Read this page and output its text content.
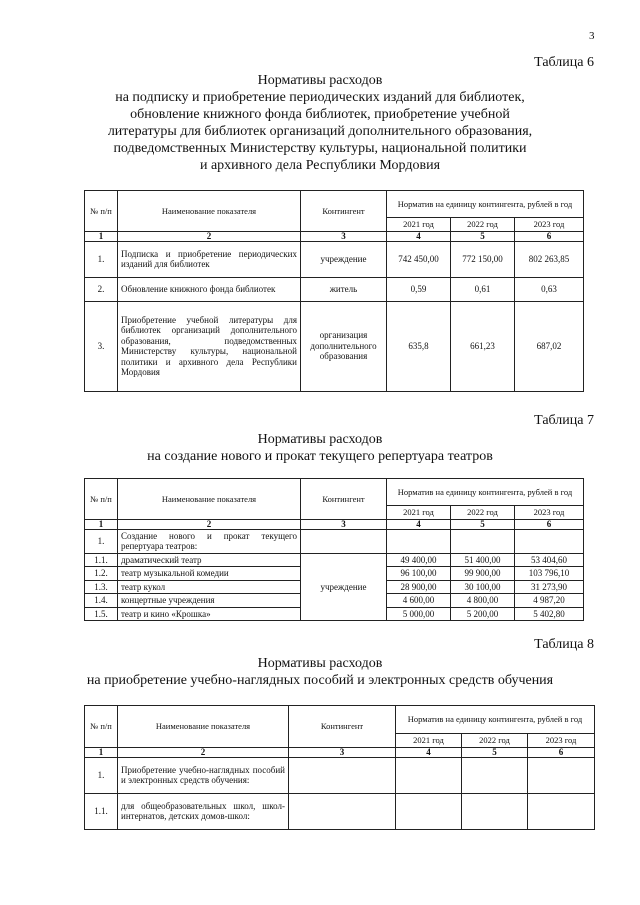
3
Таблица 6
Нормативы расходов
на подписку и приобретение периодических изданий для библиотек,
обновление книжного фонда библиотек, приобретение учебной
литературы для библиотек организаций дополнительного образования,
подведомственных Министерству культуры, национальной политики
и архивного дела Республики Мордовия
№ п/п	Наименование показателя	Контингент	Норматив на единицу контингента, рублей в год		
			2021 год	2022 год	2023 год
1	2	3	4	5	6
1.	Подписка и приобретение периодических изданий для библиотек	учреждение	742 450,00	772 150,00	802 263,85
2.	Обновление книжного фонда библиотек	житель	0,59	0,61	0,63
3.	Приобретение учебной литературы для библиотек организаций дополнительного образования, подведомственных Министерству культуры, национальной политики и архивного дела Республики Мордовия	организация дополнительного образования	635,8	661,23	687,02
Таблица 7
Нормативы расходов
на создание нового и прокат текущего репертуара театров
№ п/п	Наименование показателя	Контингент	Норматив на единицу контингента, рублей в год		
			2021 год	2022 год	2023 год
1	2	3	4	5	6
1.	Создание нового и прокат текущего репертуара театров:				
1.1.	драматический театр	учреждение	49 400,00	51 400,00	53 404,60
1.2.	театр музыкальной комедии		96 100,00	99 900,00	103 796,10
1.3.	театр кукол		28 900,00	30 100,00	31 273,90
1.4.	концертные учреждения		4 600,00	4 800,00	4 987,20
1.5.	театр и кино «Крошка»		5 000,00	5 200,00	5 402,80
Таблица 8
Нормативы расходов
на приобретение учебно-наглядных пособий и электронных средств обучения
№ п/п	Наименование показателя	Контингент	Норматив на единицу контингента, рублей в год		
			2021 год	2022 год	2023 год
1	2	3	4	5	6
1.	Приобретение учебно-наглядных пособий и электронных средств обучения:				
1.1.	для общеобразовательных школ, школ-интернатов, детских домов-школ:				
